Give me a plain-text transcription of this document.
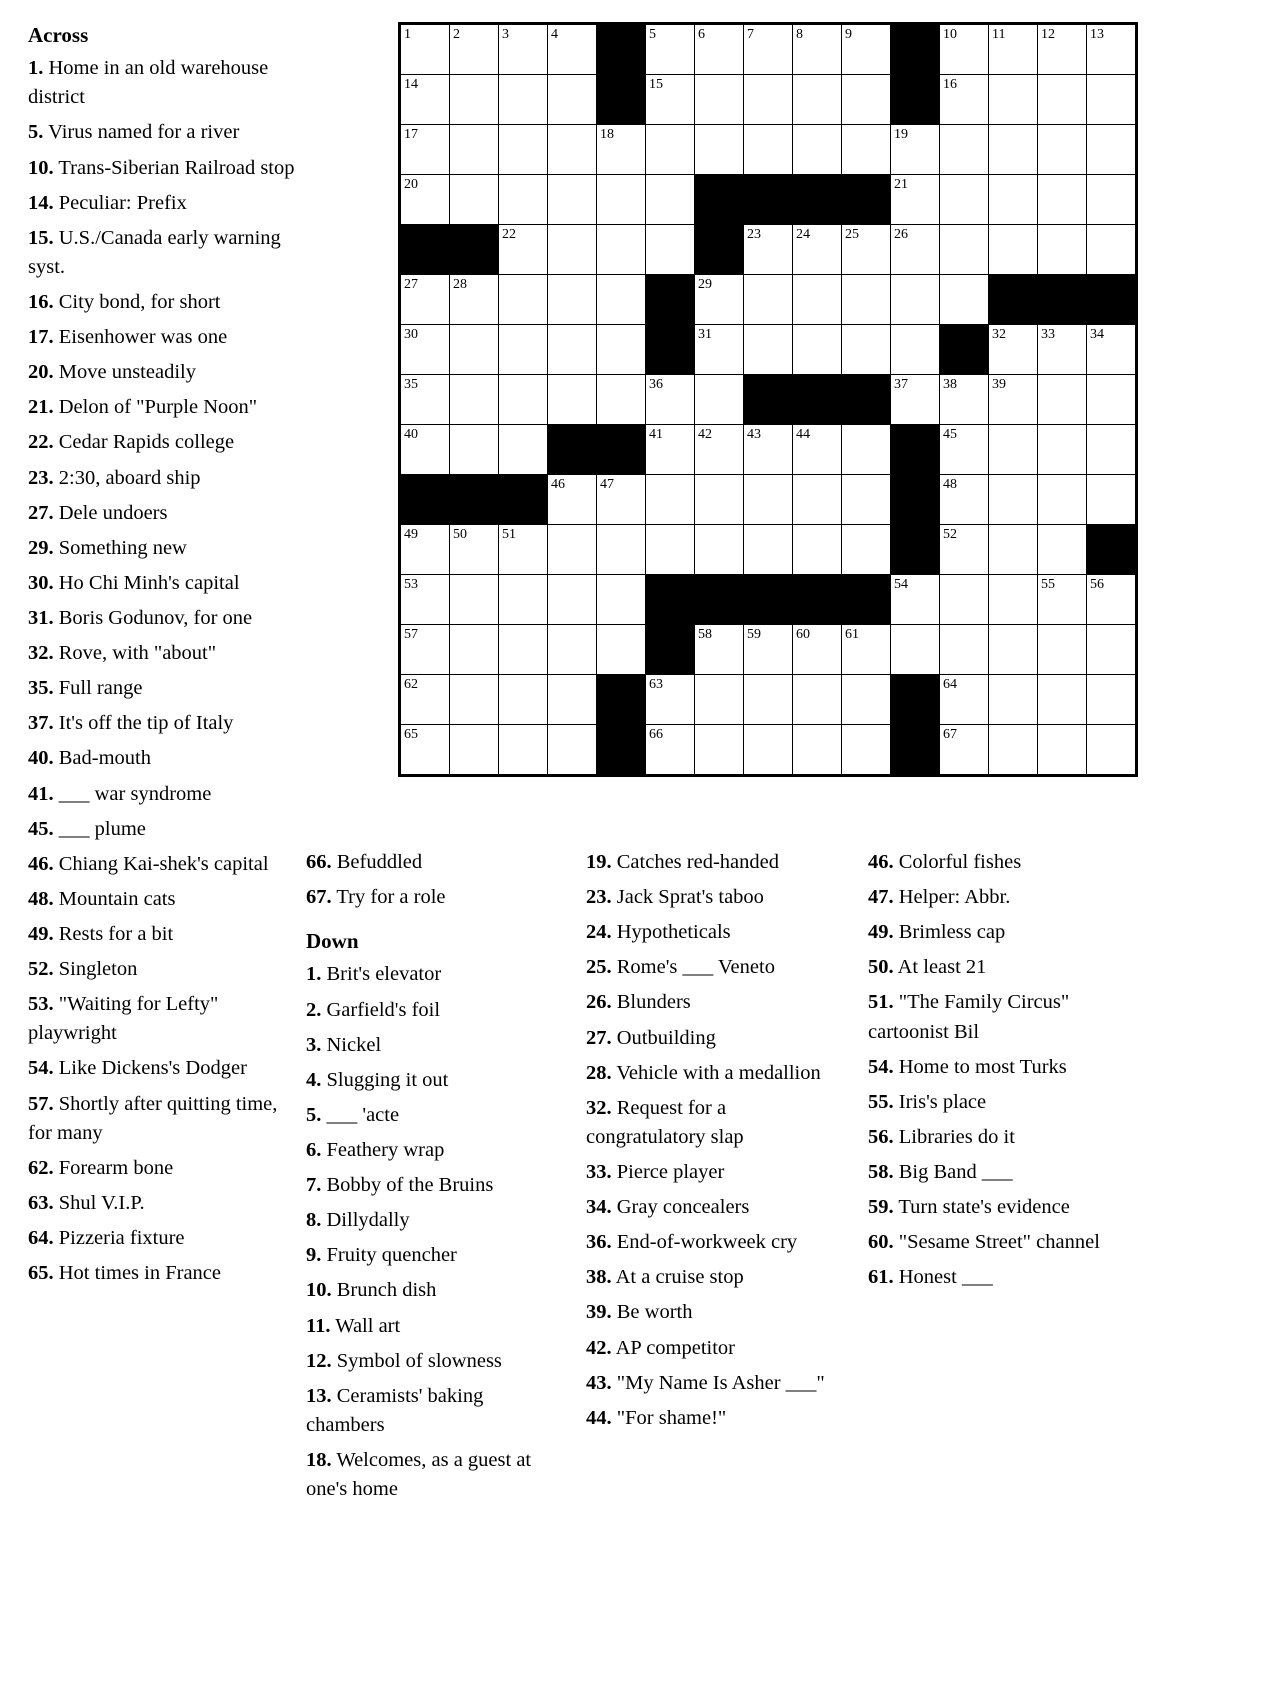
Across
1. Home in an old warehouse district
5. Virus named for a river
10. Trans-Siberian Railroad stop
14. Peculiar: Prefix
15. U.S./Canada early warning syst.
16. City bond, for short
17. Eisenhower was one
20. Move unsteadily
21. Delon of "Purple Noon"
22. Cedar Rapids college
23. 2:30, aboard ship
27. Dele undoers
29. Something new
30. Ho Chi Minh's capital
31. Boris Godunov, for one
32. Rove, with "about"
35. Full range
37. It's off the tip of Italy
40. Bad-mouth
41. ___ war syndrome
45. ___ plume
46. Chiang Kai-shek's capital
48. Mountain cats
49. Rests for a bit
52. Singleton
53. "Waiting for Lefty" playwright
54. Like Dickens's Dodger
57. Shortly after quitting time, for many
62. Forearm bone
63. Shul V.I.P.
64. Pizzeria fixture
65. Hot times in France
1	2	3	4		5	6	7	8	9		10	11	12	13

14					15						16			

17				18						19				

20										21				

		22					23	24	25	26				

27	28					29								

30						31						32	33	34

35					36					37	38	39		

40					41	42	43	44			45			

			46	47							48			

49	50	51									52			

53										54			55	56

57						58	59	60	61					

62					63						64			

65					66						67			

66. Befuddled
67. Try for a role
Down
1. Brit's elevator
2. Garfield's foil
3. Nickel
4. Slugging it out
5. ___ 'acte
6. Feathery wrap
7. Bobby of the Bruins
8. Dillydally
9. Fruity quencher
10. Brunch dish
11. Wall art
12. Symbol of slowness
13. Ceramists' baking chambers
18. Welcomes, as a guest at one's home
19. Catches red-handed
23. Jack Sprat's taboo
24. Hypotheticals
25. Rome's ___ Veneto
26. Blunders
27. Outbuilding
28. Vehicle with a medallion
32. Request for a congratulatory slap
33. Pierce player
34. Gray concealers
36. End-of-workweek cry
38. At a cruise stop
39. Be worth
42. AP competitor
43. "My Name Is Asher ___"
44. "For shame!"
46. Colorful fishes
47. Helper: Abbr.
49. Brimless cap
50. At least 21
51. "The Family Circus" cartoonist Bil
54. Home to most Turks
55. Iris's place
56. Libraries do it
58. Big Band ___
59. Turn state's evidence
60. "Sesame Street" channel
61. Honest ___
